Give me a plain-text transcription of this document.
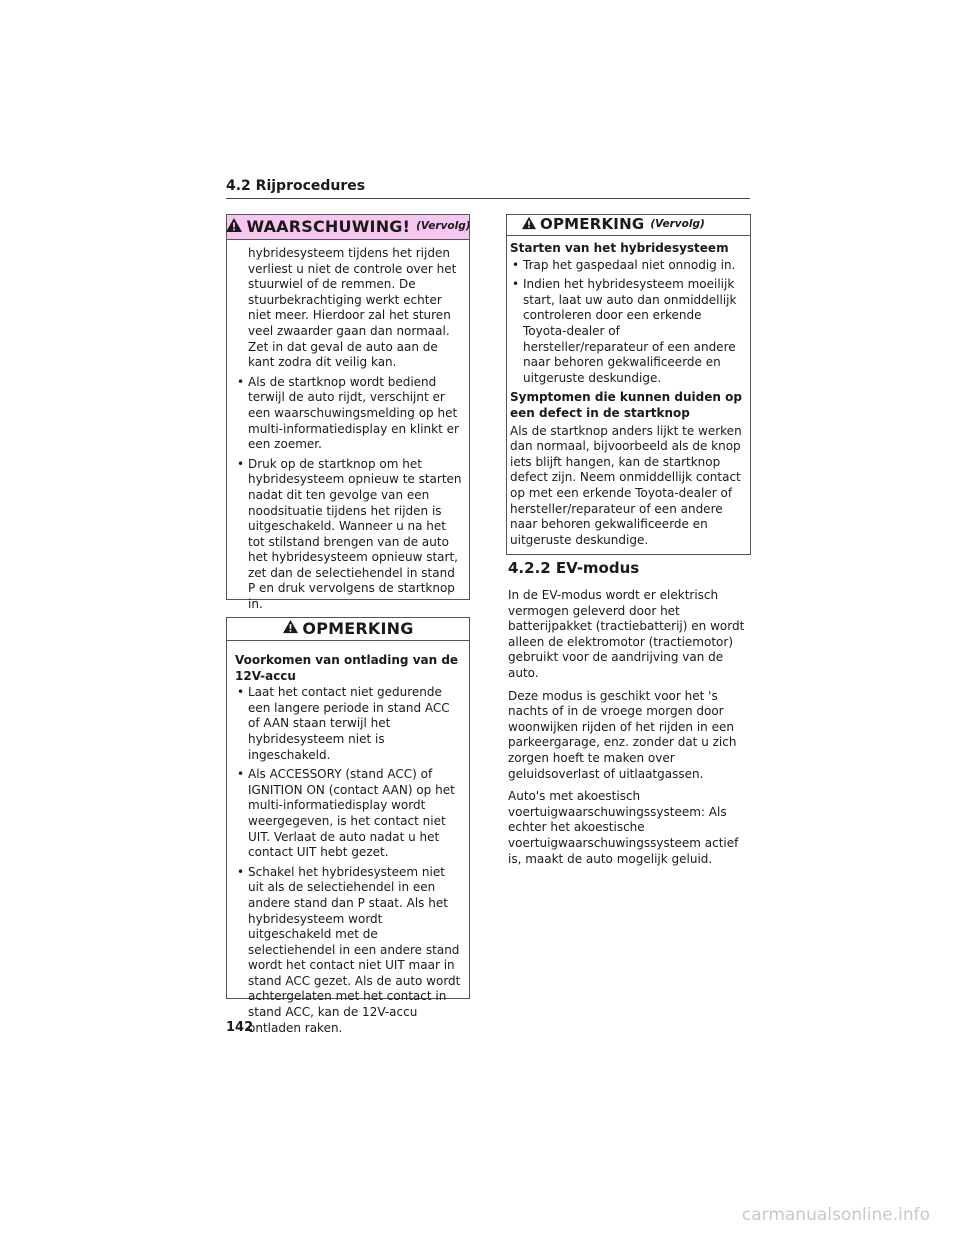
4.2 Rijprocedures
WAARSCHUWING! (Vervolg)
hybridesysteem tijdens het rijden verliest u niet de controle over het stuurwiel of de remmen. De stuurbekrachtiging werkt echter niet meer. Hierdoor zal het sturen veel zwaarder gaan dan normaal. Zet in dat geval de auto aan de kant zodra dit veilig kan.
• Als de startknop wordt bediend terwijl de auto rijdt, verschijnt er een waarschuwingsmelding op het multi-informatiedisplay en klinkt er een zoemer.
• Druk op de startknop om het hybridesysteem opnieuw te starten nadat dit ten gevolge van een noodsituatie tijdens het rijden is uitgeschakeld. Wanneer u na het tot stilstand brengen van de auto het hybridesysteem opnieuw start, zet dan de selectiehendel in stand P en druk vervolgens de startknop in.
OPMERKING
Voorkomen van ontlading van de 12V-accu
• Laat het contact niet gedurende een langere periode in stand ACC of AAN staan terwijl het hybridesysteem niet is ingeschakeld.
• Als ACCESSORY (stand ACC) of IGNITION ON (contact AAN) op het multi-informatiedisplay wordt weergegeven, is het contact niet UIT. Verlaat de auto nadat u het contact UIT hebt gezet.
• Schakel het hybridesysteem niet uit als de selectiehendel in een andere stand dan P staat. Als het hybridesysteem wordt uitgeschakeld met de selectiehendel in een andere stand wordt het contact niet UIT maar in stand ACC gezet. Als de auto wordt achtergelaten met het contact in stand ACC, kan de 12V-accu ontladen raken.
OPMERKING (Vervolg)
Starten van het hybridesysteem
• Trap het gaspedaal niet onnodig in.
• Indien het hybridesysteem moeilijk start, laat uw auto dan onmiddellijk controleren door een erkende Toyota-dealer of hersteller/reparateur of een andere naar behoren gekwalificeerde en uitgeruste deskundige.
Symptomen die kunnen duiden op een defect in de startknop

Als de startknop anders lijkt te werken dan normaal, bijvoorbeeld als de knop iets blijft hangen, kan de startknop defect zijn. Neem onmiddellijk contact op met een erkende Toyota-dealer of hersteller/reparateur of een andere naar behoren gekwalificeerde en uitgeruste deskundige.

4.2.2 EV-modus

In de EV-modus wordt er elektrisch vermogen geleverd door het batterijpakket (tractiebatterij) en wordt alleen de elektromotor (tractiemotor) gebruikt voor de aandrijving van de auto.

Deze modus is geschikt voor het 's nachts of in de vroege morgen door woonwijken rijden of het rijden in een parkeergarage, enz. zonder dat u zich zorgen hoeft te maken over geluidsoverlast of uitlaatgassen.

Auto's met akoestisch voertuigwaarschuwingssysteem: Als echter het akoestische voertuigwaarschuwingssysteem actief is, maakt de auto mogelijk geluid.

142
carmanualsonline.info
